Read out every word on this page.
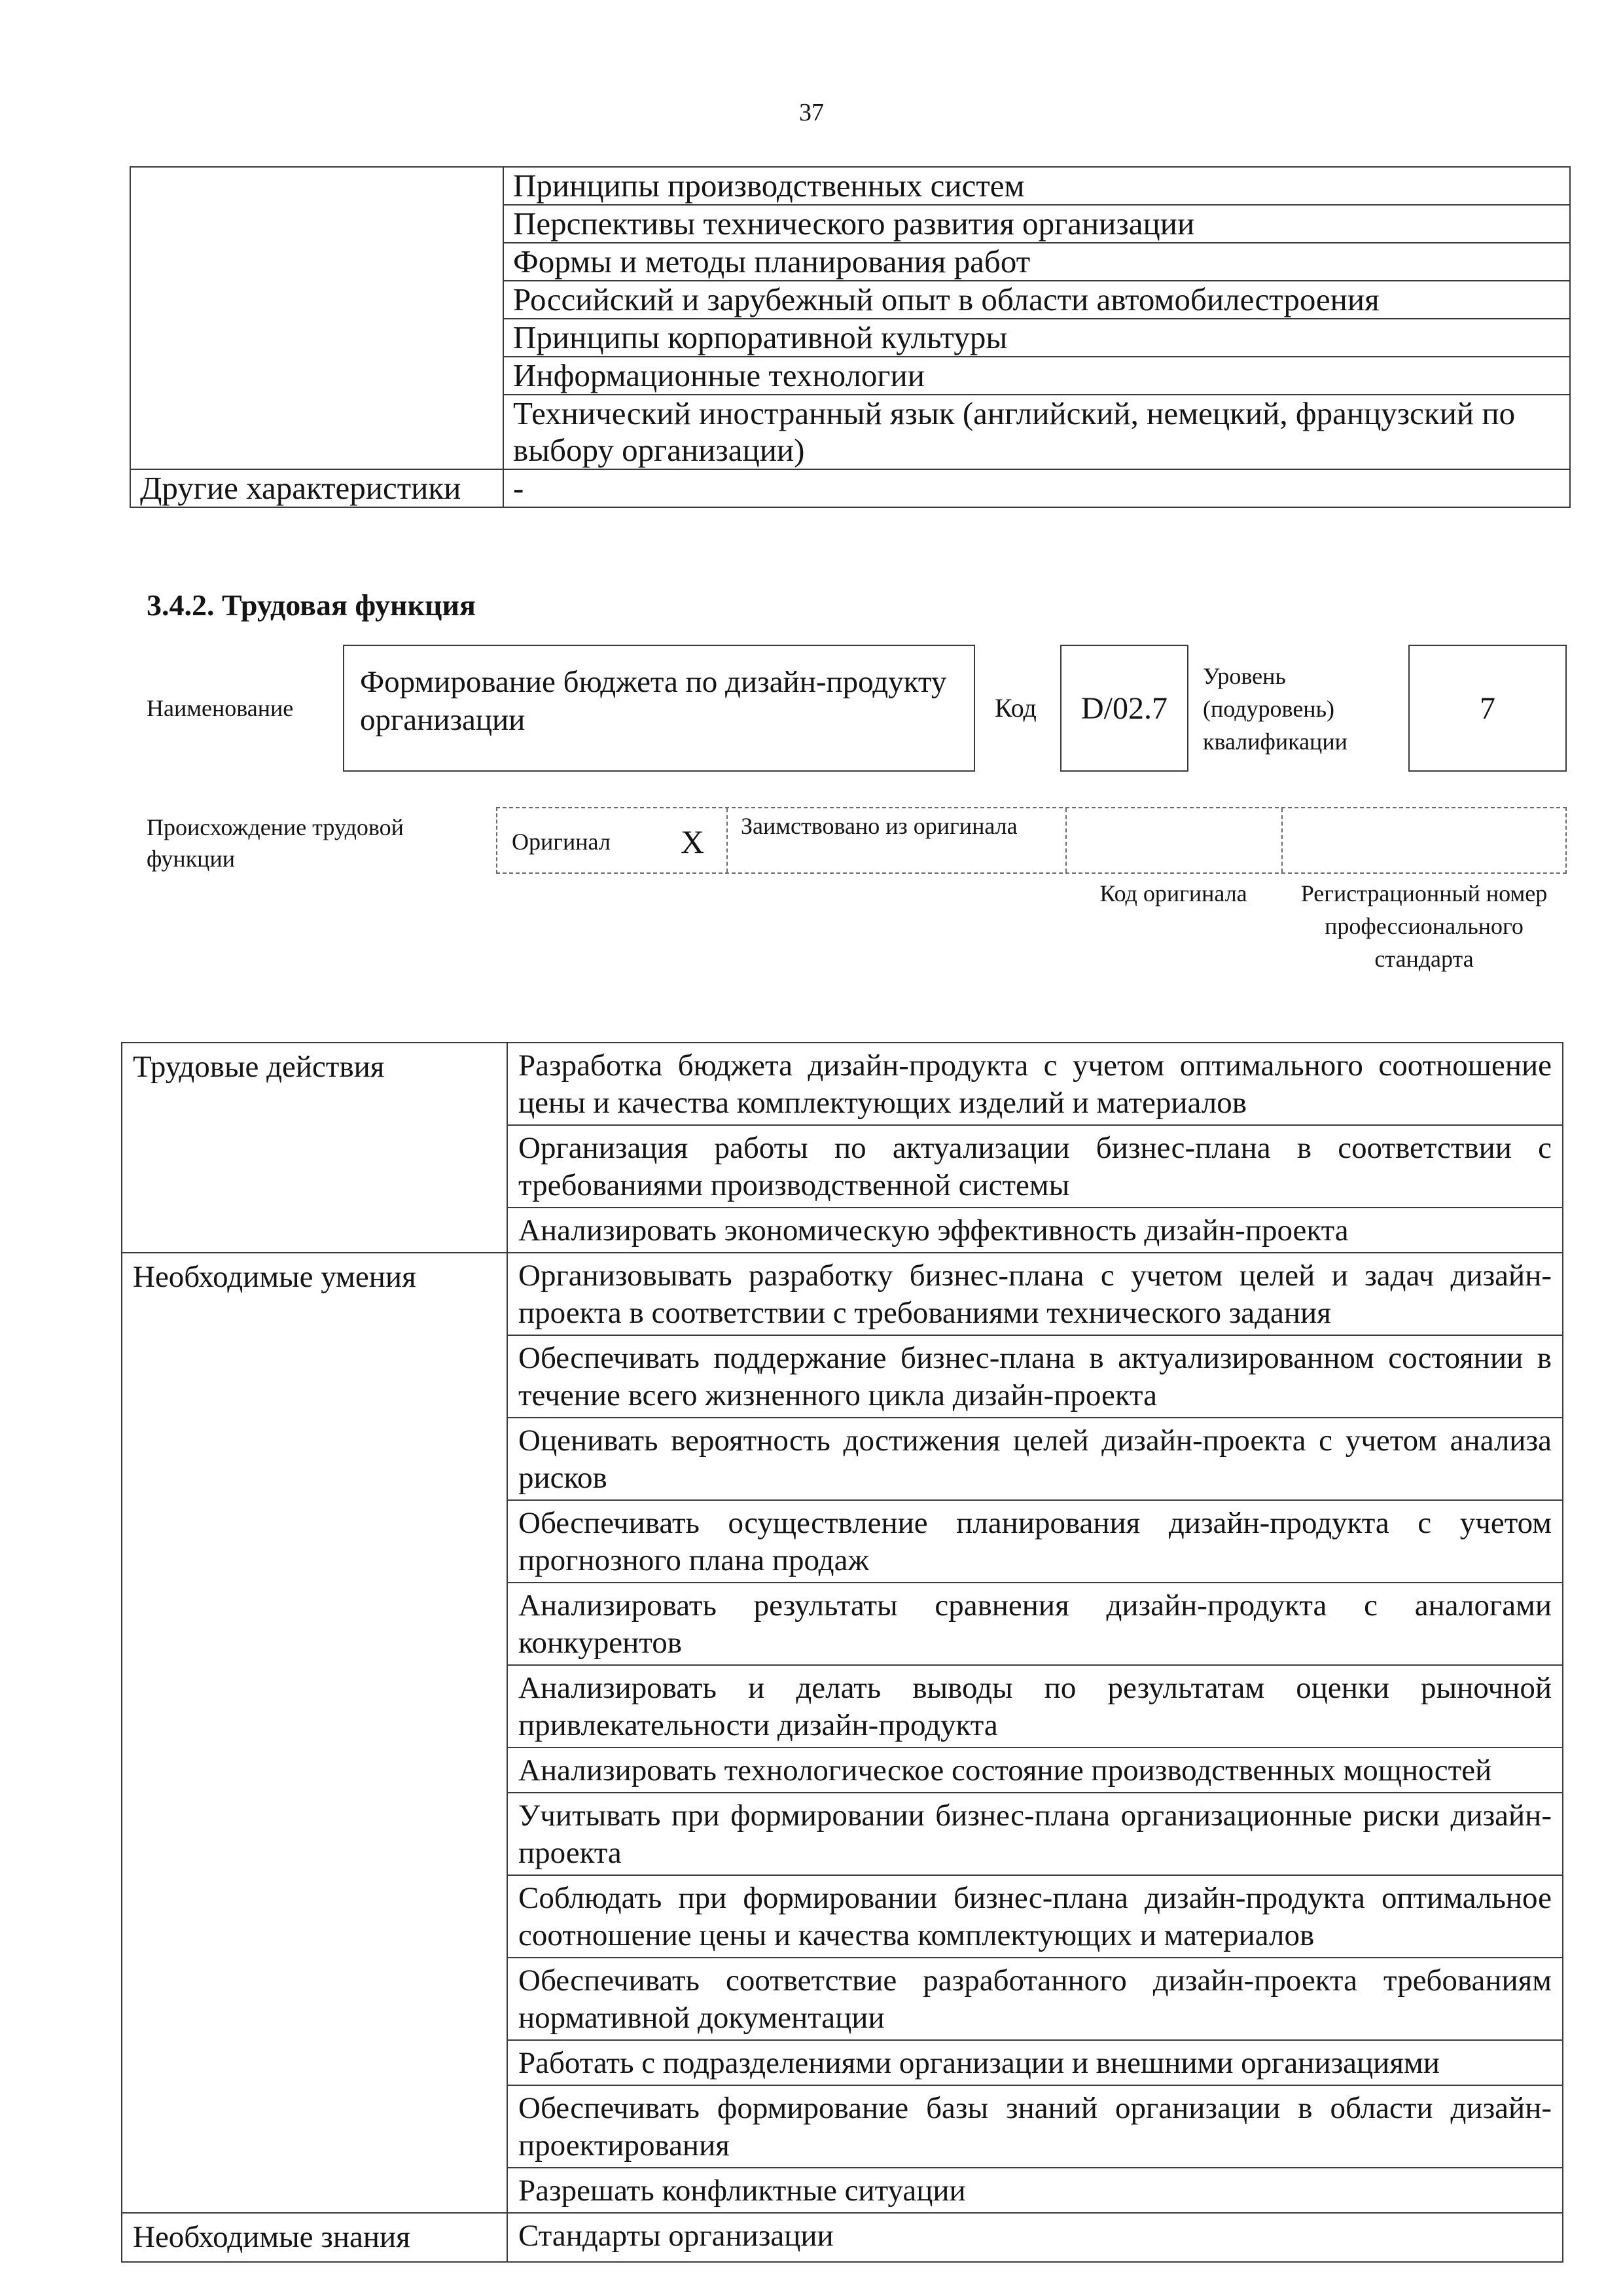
37
	Принципы производственных систем
	Перспективы технического развития организации
	Формы и методы планирования работ
	Российский и зарубежный опыт в области автомобилестроения
	Принципы корпоративной культуры
	Информационные технологии
	Технический иностранный язык (английский, немецкий, французский по выбору организации)
Другие характеристики	-
3.4.2. Трудовая функция
Наименование
Формирование бюджета по дизайн-продукту организации	Код D/02.7
Уровень (подуровень) квалификации
7
Происхождение трудовой функции
Оригинал X Заимствовано из оригинала
Код оригинала	Регистрационный номер профессионального стандарта
Трудовые действия	Разработка бюджета дизайн-продукта с учетом оптимального соотношение цены и качества комплектующих изделий и материалов
	Организация работы по актуализации бизнес-плана в соответствии с требованиями производственной системы
	Анализировать экономическую эффективность дизайн-проекта
Необходимые умения	Организовывать разработку бизнес-плана с учетом целей и задач дизайн-проекта в соответствии с требованиями технического задания
	Обеспечивать поддержание бизнес-плана в актуализированном состоянии в течение всего жизненного цикла дизайн-проекта
	Оценивать вероятность достижения целей дизайн-проекта с учетом анализа рисков
	Обеспечивать осуществление планирования дизайн-продукта с учетом прогнозного плана продаж
	Анализировать результаты сравнения дизайн-продукта с аналогами конкурентов
	Анализировать и делать выводы по результатам оценки рыночной привлекательности дизайн-продукта
	Анализировать технологическое состояние производственных мощностей
	Учитывать при формировании бизнес-плана организационные риски дизайн-проекта
	Соблюдать при формировании бизнес-плана дизайн-продукта оптимальное соотношение цены и качества комплектующих и материалов
	Обеспечивать соответствие разработанного дизайн-проекта требованиям нормативной документации
	Работать с подразделениями организации и внешними организациями
	Обеспечивать формирование базы знаний организации в области дизайн-проектирования
	Разрешать конфликтные ситуации
Необходимые знания	Стандарты организации
